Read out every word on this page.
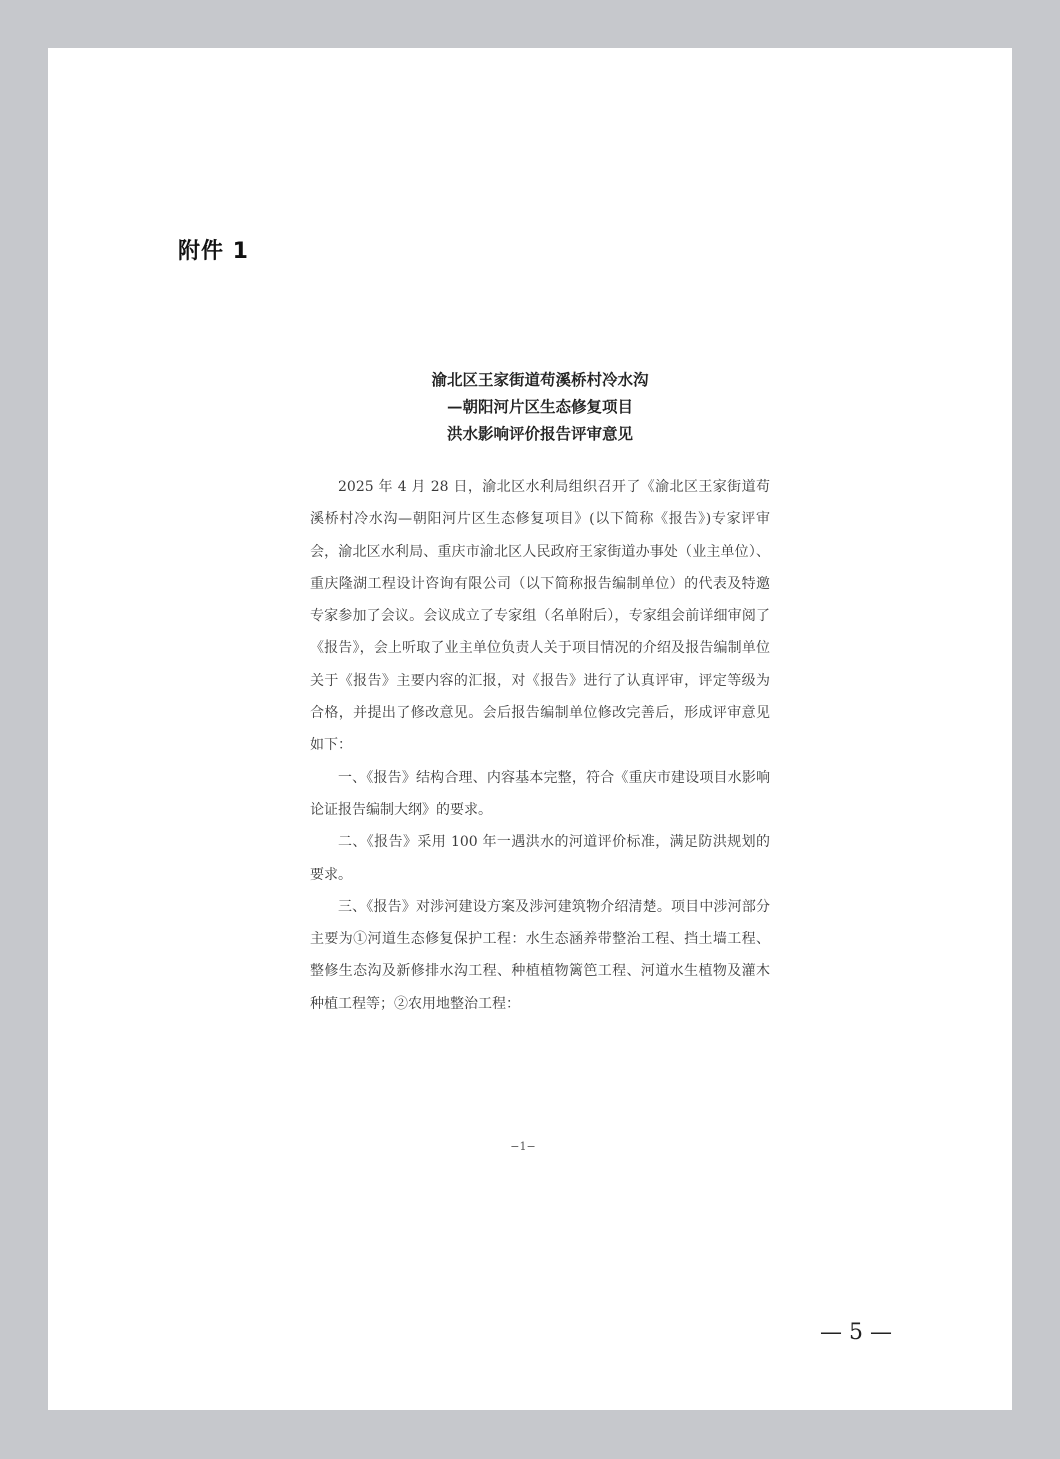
附件 1
渝北区王家街道苟溪桥村冷水沟
—朝阳河片区生态修复项目
洪水影响评价报告评审意见

2025 年 4 月 28 日，渝北区水利局组织召开了《渝北区王家街道苟溪桥村冷水沟—朝阳河片区生态修复项目》(以下简称《报告》)专家评审会，渝北区水利局、重庆市渝北区人民政府王家街道办事处（业主单位）、重庆隆湖工程设计咨询有限公司（以下简称报告编制单位）的代表及特邀专家参加了会议。会议成立了专家组（名单附后），专家组会前详细审阅了《报告》，会上听取了业主单位负责人关于项目情况的介绍及报告编制单位关于《报告》主要内容的汇报，对《报告》进行了认真评审，评定等级为合格，并提出了修改意见。会后报告编制单位修改完善后，形成评审意见如下：

一、《报告》结构合理、内容基本完整，符合《重庆市建设项目水影响论证报告编制大纲》的要求。

二、《报告》采用 100 年一遇洪水的河道评价标准，满足防洪规划的要求。

三、《报告》对涉河建设方案及涉河建筑物介绍清楚。项目中涉河部分主要为①河道生态修复保护工程：水生态涵养带整治工程、挡土墙工程、整修生态沟及新修排水沟工程、种植植物篱笆工程、河道水生植物及灌木种植工程等；②农用地整治工程：

−1−
— 5 —
